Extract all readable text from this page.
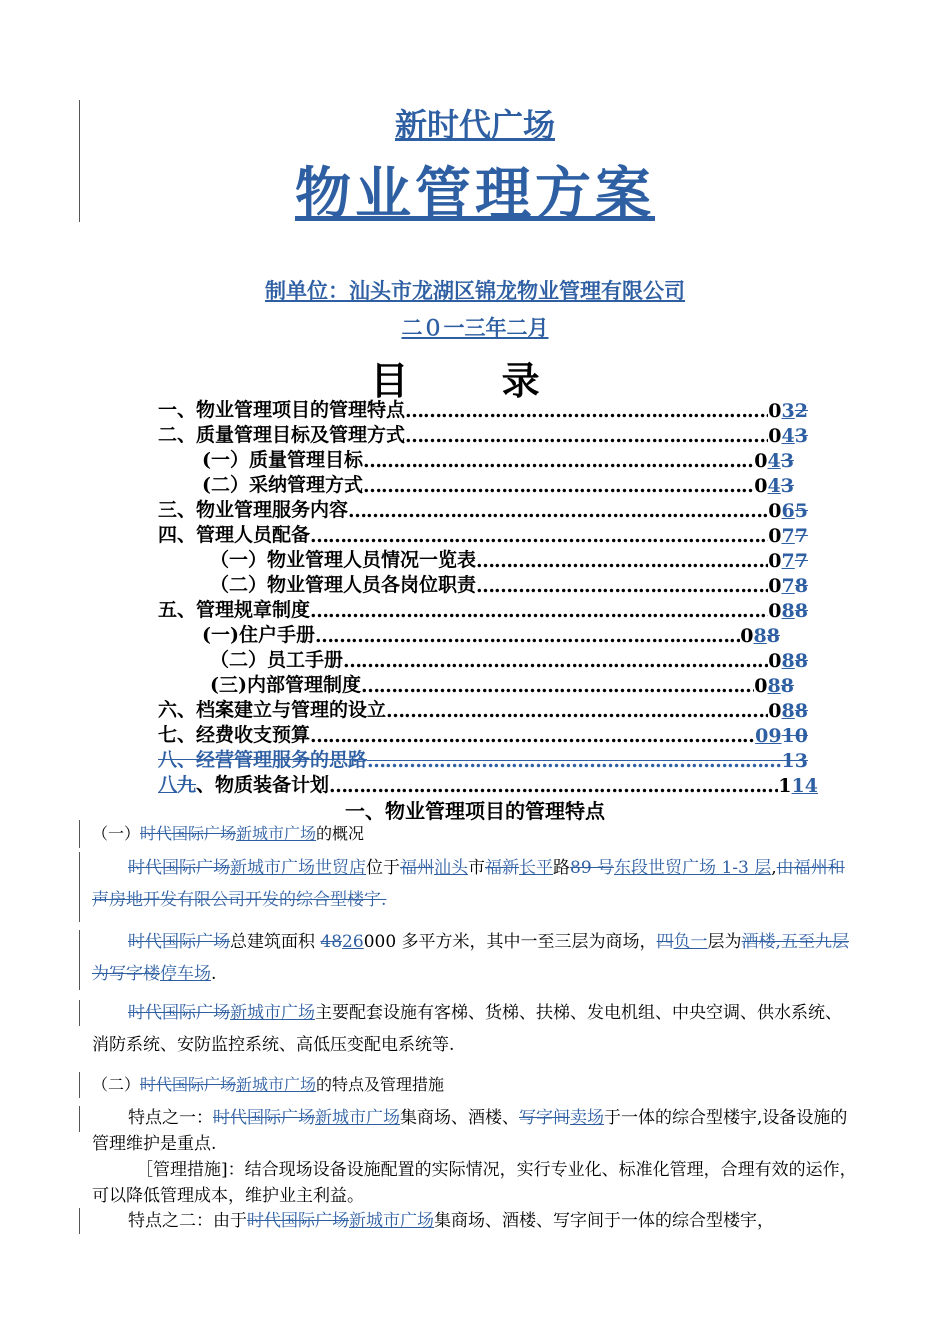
新时代广场
物业管理方案
制单位：汕头市龙湖区锦龙物业管理有限公司
二０一三年二月
目 录
一、物业管理项目的管理特点 ……………………………………………………………………………………………	032
二、质量管理目标及管理方式 ……………………………………………………………………………………………	043
(一）质量管理目标 ……………………………………………………………………………………………	043
(二）采纳管理方式 ……………………………………………………………………………………………	043
三、物业管理服务内容 ……………………………………………………………………………………………	065
四、管理人员配备 ……………………………………………………………………………………………	077
（一）物业管理人员情况一览表 ……………………………………………………………………………………………	077
（二）物业管理人员各岗位职责 ……………………………………………………………………………………………	078
五、管理规章制度 ……………………………………………………………………………………………	088
(一)住户手册 ……………………………………………………………………………………………	088
（二）员工手册 ……………………………………………………………………………………………	088
(三)内部管理制度 ……………………………………………………………………………………………	088
六、档案建立与管理的设立 ……………………………………………………………………………………………	088
七、经费收支预算 ……………………………………………………………………………………………	0910
八、经营管理服务的思路 ……………………………………………………………………………………………	13
八九、物质装备计划 ……………………………………………………………………………………………	114
一、物业管理项目的管理特点
（一）时代国际广场新城市广场的概况
时代国际广场新城市广场世贸店位于福州汕头市福新长平路89 号东段世贸广场 1-3 层,由福州和声房地开发有限公司开发的综合型楼宇.
时代国际广场总建筑面积 4826000 多平方米，其中一至三层为商场，四负一层为酒楼,五至九层为写字楼停车场.
时代国际广场新城市广场主要配套设施有客梯、货梯、扶梯、发电机组、中央空调、供水系统、消防系统、安防监控系统、高低压变配电系统等.
（二）时代国际广场新城市广场的特点及管理措施
特点之一：时代国际广场新城市广场集商场、酒楼、写字间卖场于一体的综合型楼宇,设备设施的管理维护是重点.
［管理措施]：结合现场设备设施配置的实际情况，实行专业化、标准化管理，合理有效的运作，可以降低管理成本，维护业主利益。
特点之二：由于时代国际广场新城市广场集商场、酒楼、写字间于一体的综合型楼宇，
